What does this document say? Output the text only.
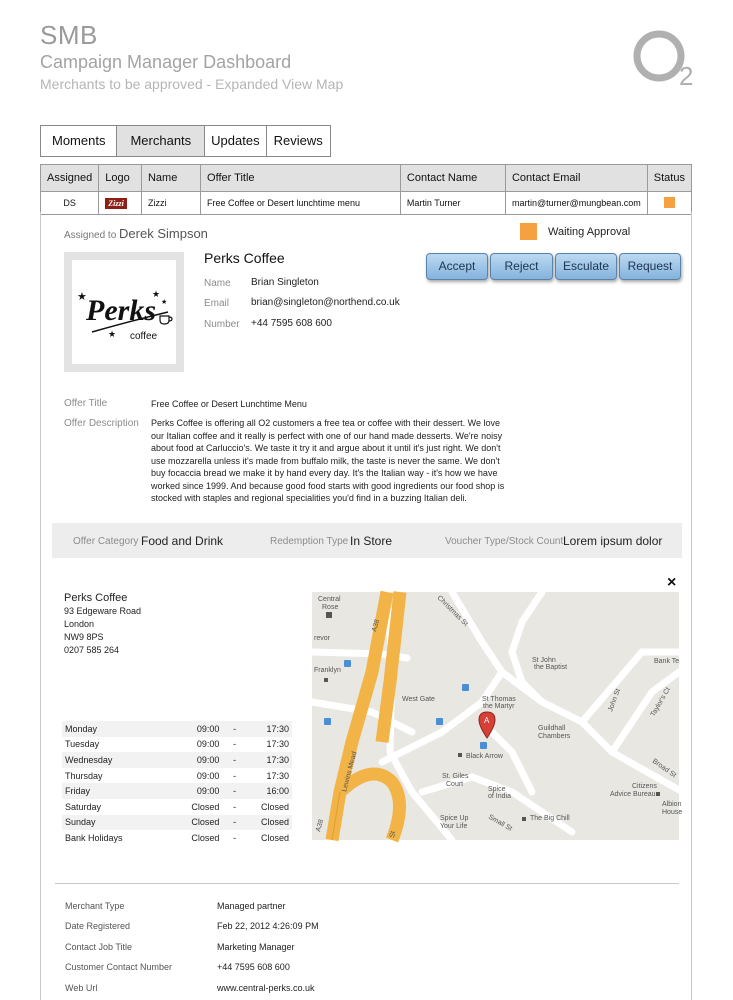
SMB
Campaign Manager Dashboard
Merchants to be approved - Expanded View Map	2
Moments	Merchants	Updates	Reviews
Assigned	Logo	Name	Offer Title	Contact Name	Contact Email	Status
DS	Zizzi	Zizzi	Free Coffee or Desert lunchtime menu	Martin Turner	martin@turner@mungbean.com	
Assigned to Derek Simpson	Waiting Approval
Perks
coffee
★	★
★
★
Perks Coffee
Name Brian Singleton
Email brian@singleton@northend.co.uk
Number +44 7595 608 600
Accept	Reject	Esculate	Request
Offer Title	Free Coffee or Desert Lunchtime Menu
Offer Description Perks Coffee is offering all O2 customers a free tea or coffee with their dessert. We love
our Italian coffee and it really is perfect with one of our hand made desserts. We're noisy
about food at Carluccio's. We taste it try it and argue about it until it's just right. We don't
use mozzarella unless it's made from buffalo milk, the taste is never the same. We don't
buy focaccia bread we make it by hand every day. It's the Italian way - it's how we have
worked since 1999. And because good food starts with good ingredients our food shop is
stocked with staples and regional specialities you'd find in a buzzing Italian deli.
Offer Category Food and Drink	Redemption Type In Store	Voucher Type/Stock Count Lorem ipsum dolor
×
Perks Coffee
93 Edgeware Road
London
NW9 8PS
0207 585 264
Monday	09:00	-	17:30
Tuesday	09:00	-	17:30
Wednesday	09:00	-	17:30
Thursday	09:00	-	17:30
Friday	09:00	-	16:00
Saturday	Closed	-	Closed
Sunday	Closed	-	Closed
Bank Holidays	Closed	-	Closed
Central
Rose
revor
Franklyn
Christmas St
A38
St John
the Baptist
Bank Te
West Gate	St Thomas
the Martyr	John St	Taylor's Ct
Guildhall
Chambers
Broad St
Black Arrow
Lewins Mead	St. Giles
Court
Spice
of India
Citizens
Advice Bureau
Albion
House
Spice Up
Your Life	Small St The Big Chill
A38
St
A
Merchant Type	Managed partner
Date Registered	Feb 22, 2012 4:26:09 PM
Contact Job Title	Marketing Manager
Customer Contact Number	+44 7595 608 600
Web Url	www.central-perks.co.uk
